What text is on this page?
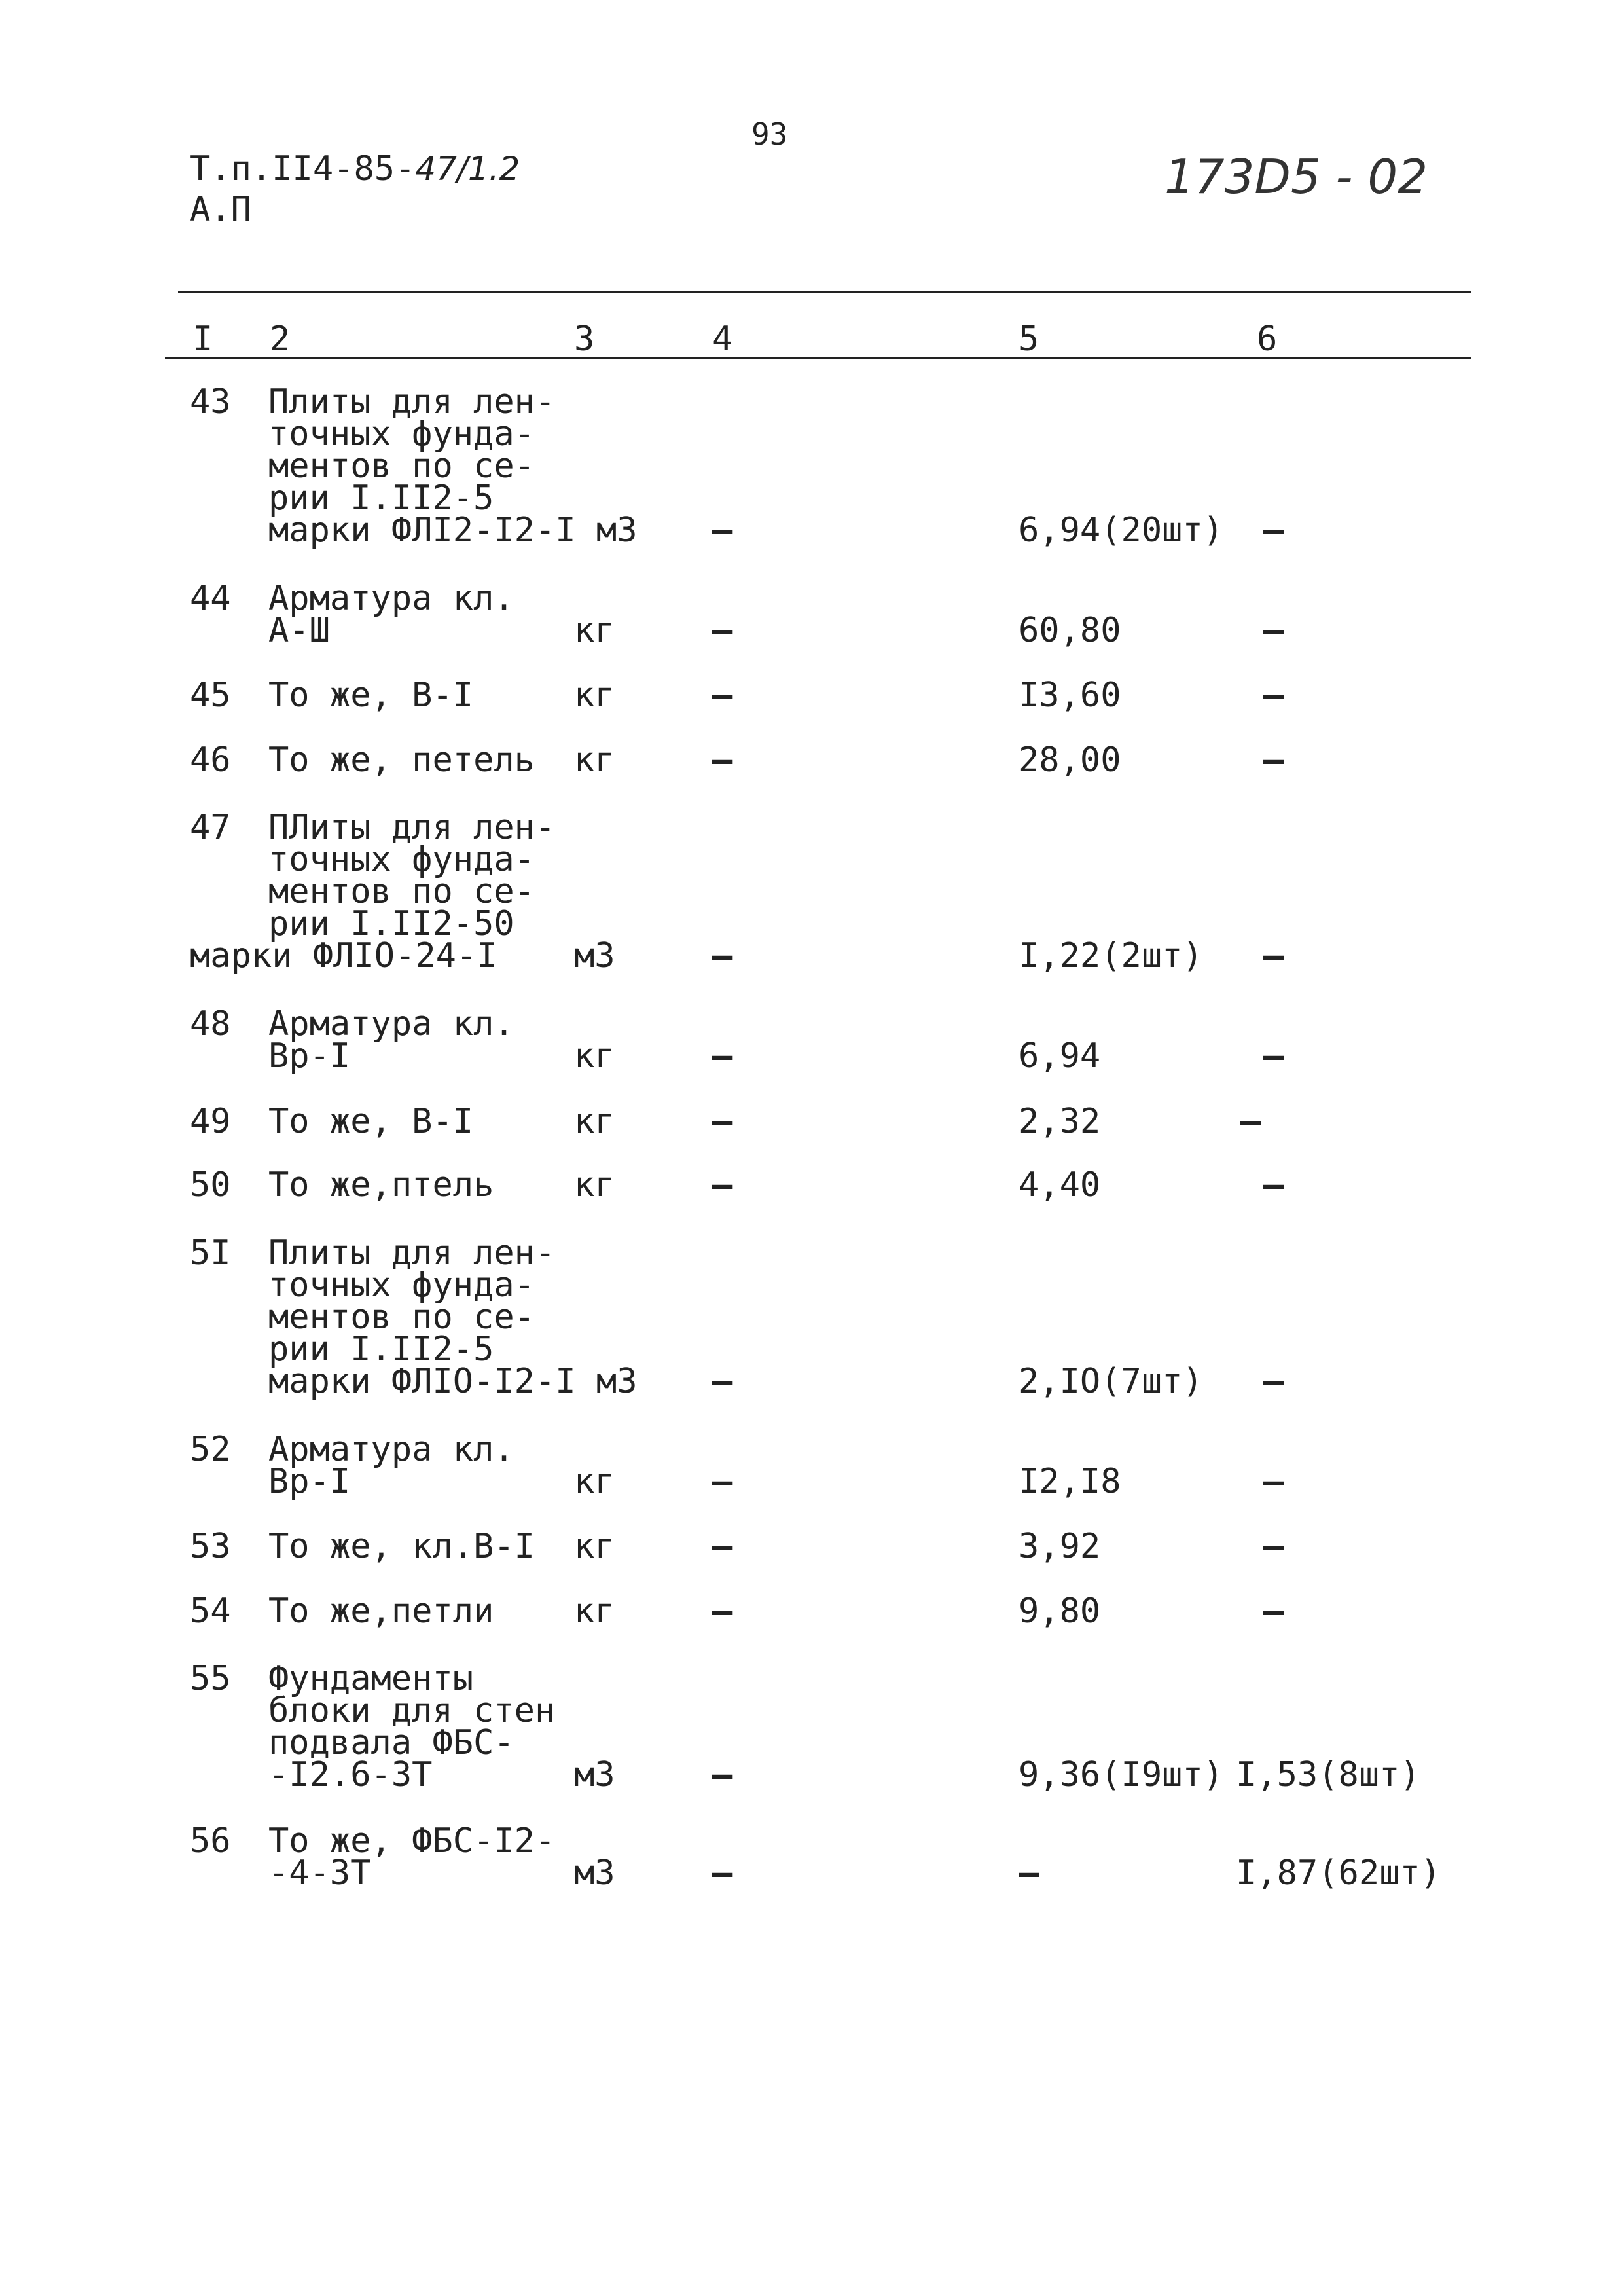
93
Т.п.II4-85-47/1.2
А.П
173D5 - 02
I 2	3	4	5	6
43 Плиты для лен-
точных фунда-
ментов по се-
рии I.II2-5
марки ФЛI2-I2-I м3 –	6,94(20шт) –
44 Арматура кл.
А-Ш	кг	–	60,80	–
45 То же, В-I	кг	–	I3,60	–
46 То же, петель кг	–	28,00	–
47 ПЛиты для лен-
точных фунда-
ментов по се-
рии I.II2-50
марки ФЛIО-24-I м3	–	I,22(2шт) –
48 Арматура кл.
Вр-I	кг	–	6,94	–
49 То же, В-I	кг	–	2,32	–
50 То же,птель кг	–	4,40	–
5I Плиты для лен-
точных фунда-
ментов по се-
рии I.II2-5
марки ФЛIО-I2-I м3 –	2,IO(7шт) –
52 Арматура кл.
Вр-I	кг	–	I2,I8	–
53 То же, кл.В-I кг	–	3,92	–
54 То же,петли кг	–	9,80	–
55 Фундаменты
блоки для стен
подвала ФБС-
-I2.6-3Т	м3	–	9,36(I9шт) I,53(8шт)
56 То же, ФБС-I2-
-4-3Т	м3	–	–	I,87(62шт)
